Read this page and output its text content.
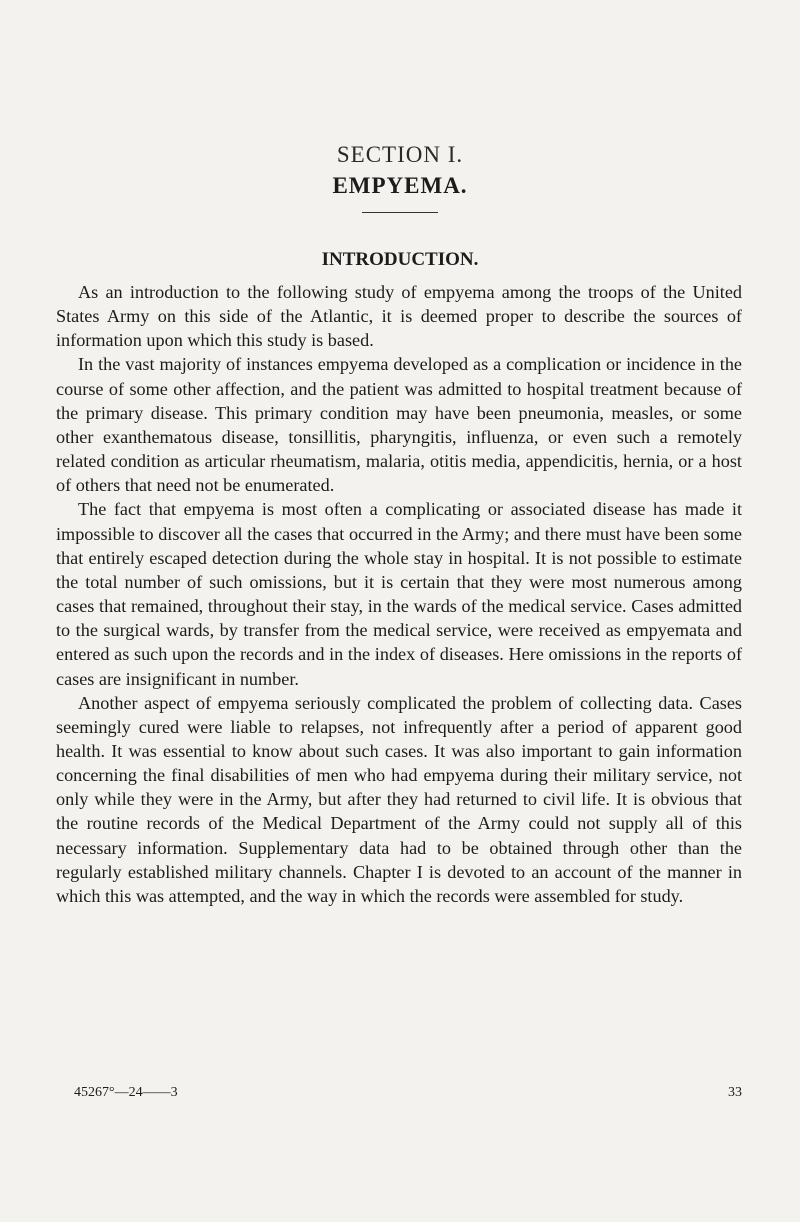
SECTION I.
EMPYEMA.
INTRODUCTION.

As an introduction to the following study of empyema among the troops of the United States Army on this side of the Atlantic, it is deemed proper to describe the sources of information upon which this study is based.

In the vast majority of instances empyema developed as a complication or incidence in the course of some other affection, and the patient was admitted to hospital treatment because of the primary disease. This primary condition may have been pneumonia, measles, or some other exanthematous disease, tonsillitis, pharyngitis, influenza, or even such a remotely related condition as articular rheumatism, malaria, otitis media, appendicitis, hernia, or a host of others that need not be enumerated.

The fact that empyema is most often a complicating or associated disease has made it impossible to discover all the cases that occurred in the Army; and there must have been some that entirely escaped detection during the whole stay in hospital. It is not possible to estimate the total number of such omissions, but it is certain that they were most numerous among cases that remained, throughout their stay, in the wards of the medical service. Cases admitted to the surgical wards, by transfer from the medical service, were received as empyemata and entered as such upon the records and in the index of diseases. Here omissions in the reports of cases are insignificant in number.

Another aspect of empyema seriously complicated the problem of collecting data. Cases seemingly cured were liable to relapses, not infrequently after a period of apparent good health. It was essential to know about such cases. It was also important to gain information concerning the final disabilities of men who had empyema during their military service, not only while they were in the Army, but after they had returned to civil life. It is obvious that the routine records of the Medical Department of the Army could not supply all of this necessary information. Supplementary data had to be obtained through other than the regularly established military channels. Chapter I is devoted to an account of the manner in which this was attempted, and the way in which the records were assembled for study.

45267°—24——3	33
